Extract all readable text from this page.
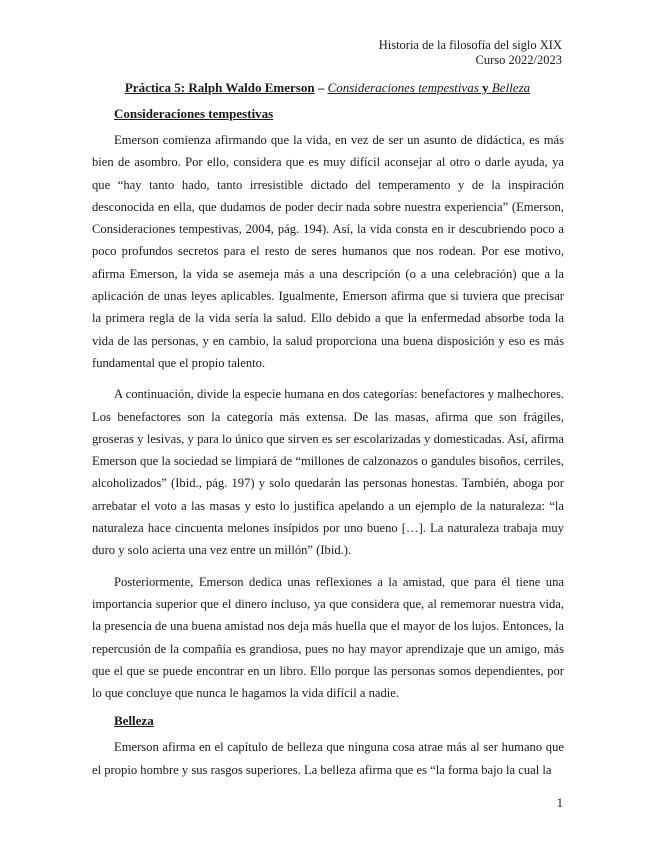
Historia de la filosofía del siglo XIX
Curso 2022/2023
Práctica 5: Ralph Waldo Emerson – Consideraciones tempestivas y Belleza
Consideraciones tempestivas

Emerson comienza afirmando que la vida, en vez de ser un asunto de didáctica, es más bien de asombro. Por ello, considera que es muy difícil aconsejar al otro o darle ayuda, ya que “hay tanto hado, tanto irresistible dictado del temperamento y de la inspiración desconocida en ella, que dudamos de poder decir nada sobre nuestra experiencia” (Emerson, Consideraciones tempestivas, 2004, pág. 194). Así, la vida consta en ir descubriendo poco a poco profundos secretos para el resto de seres humanos que nos rodean. Por ese motivo, afirma Emerson, la vida se asemeja más a una descripción (o a una celebración) que a la aplicación de unas leyes aplicables. Igualmente, Emerson afirma que si tuviera que precisar la primera regla de la vida sería la salud. Ello debido a que la enfermedad absorbe toda la vida de las personas, y en cambio, la salud proporciona una buena disposición y eso es más fundamental que el propio talento.

A continuación, divide la especie humana en dos categorías: benefactores y malhechores. Los benefactores son la categoría más extensa. De las masas, afirma que son frágiles, groseras y lesivas, y para lo único que sirven es ser escolarizadas y domesticadas. Así, afirma Emerson que la sociedad se limpiará de “millones de calzonazos o gandules bisoños, cerriles, alcoholizados” (Ibid., pág. 197) y solo quedarán las personas honestas. También, aboga por arrebatar el voto a las masas y esto lo justifica apelando a un ejemplo de la naturaleza: “la naturaleza hace cincuenta melones insípidos por uno bueno […]. La naturaleza trabaja muy duro y solo acierta una vez entre un millón” (Ibid.).

Posteriormente, Emerson dedica unas reflexiones a la amistad, que para él tiene una importancia superior que el dinero incluso, ya que considera que, al rememorar nuestra vida, la presencia de una buena amistad nos deja más huella que el mayor de los lujos. Entonces, la repercusión de la compañía es grandiosa, pues no hay mayor aprendizaje que un amigo, más que el que se puede encontrar en un libro. Ello porque las personas somos dependientes, por lo que concluye que nunca le hagamos la vida difícil a nadie.

Belleza

Emerson afirma en el capítulo de belleza que ninguna cosa atrae más al ser humano que el propio hombre y sus rasgos superiores. La belleza afirma que es “la forma bajo la cual la

1
